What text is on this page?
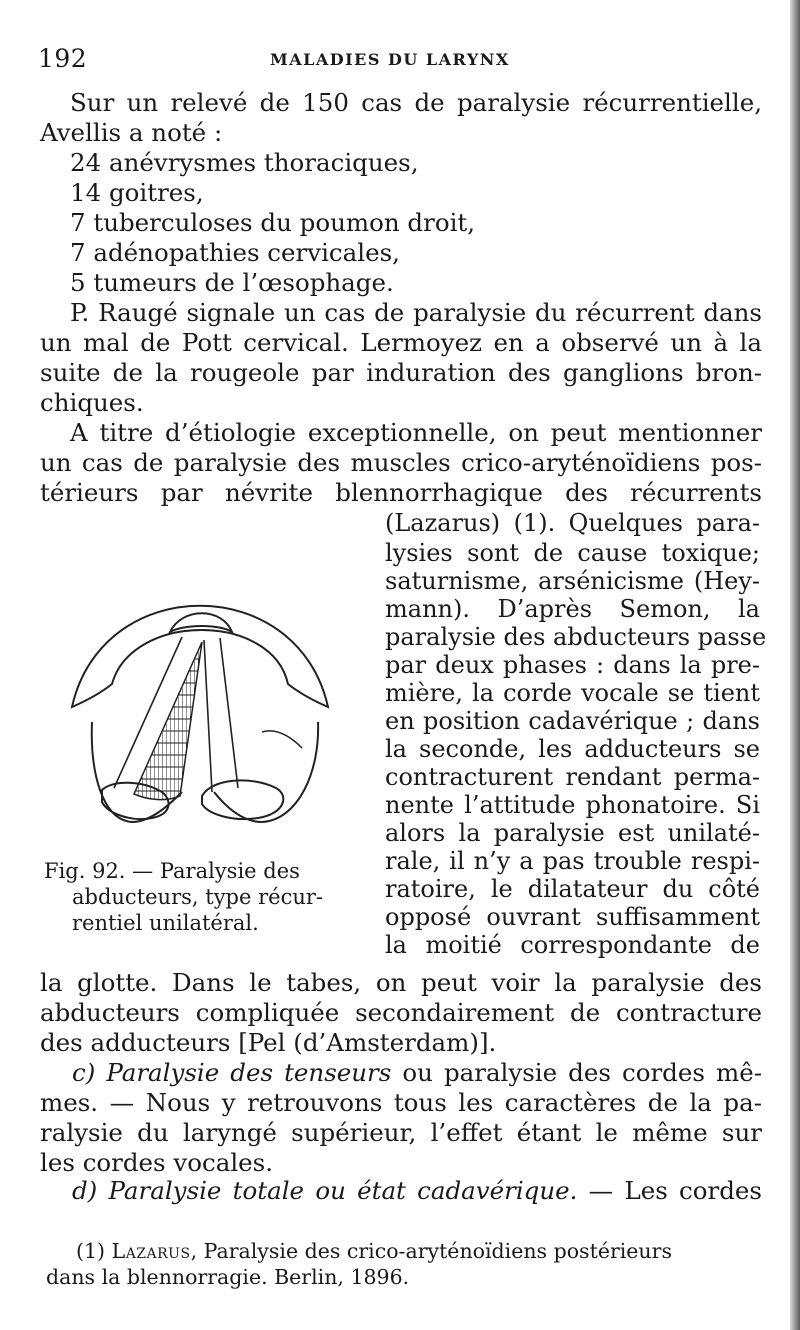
192	MALADIES DU LARYNX
Sur un relevé de 150 cas de paralysie récurrentielle,
Avellis a noté :
24 anévrysmes thoraciques,
14 goitres,
7 tuberculoses du poumon droit,
7 adénopathies cervicales,
5 tumeurs de l’œsophage.
P. Raugé signale un cas de paralysie du récurrent dans
un mal de Pott cervical. Lermoyez en a observé un à la
suite de la rougeole par induration des ganglions bron-
chiques.
A titre d’étiologie exceptionnelle, on peut mentionner
un cas de paralysie des muscles crico-aryténoïdiens pos-
térieurs par névrite blennorrhagique des récurrents
(Lazarus) (1). Quelques para-
lysies sont de cause toxique;
saturnisme, arsénicisme (Hey-
mann). D’après Semon, la
paralysie des abducteurs passe
par deux phases : dans la pre-
mière, la corde vocale se tient
en position cadavérique ; dans
la seconde, les adducteurs se
contracturent rendant perma-
nente l’attitude phonatoire. Si
alors la paralysie est unilaté-
rale, il n’y a pas trouble respi-
ratoire, le dilatateur du côté
opposé ouvrant suffisamment
la moitié correspondante de
Fig. 92. — Paralysie des
abducteurs, type récur-
rentiel unilatéral.
la glotte. Dans le tabes, on peut voir la paralysie des
abducteurs compliquée secondairement de contracture
des adducteurs [Pel (d’Amsterdam)].
c) Paralysie des tenseurs ou paralysie des cordes mê-
mes. — Nous y retrouvons tous les caractères de la pa-
ralysie du laryngé supérieur, l’effet étant le même sur
les cordes vocales.
d) Paralysie totale ou état cadavérique. — Les cordes
(1) Lazarus, Paralysie des crico-aryténoïdiens postérieurs
dans la blennorragie. Berlin, 1896.
